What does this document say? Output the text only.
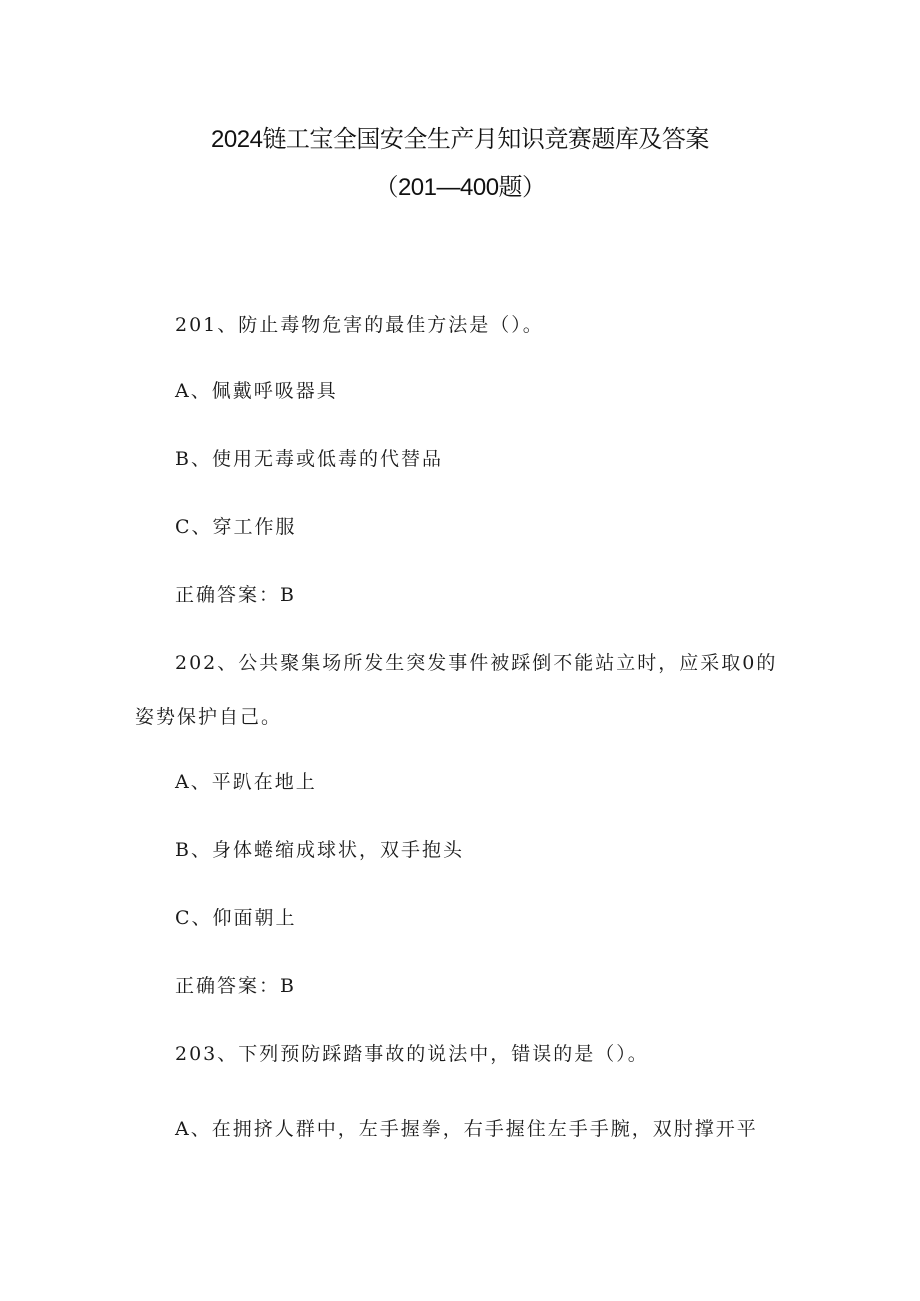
2024链工宝全国安全生产月知识竞赛题库及答案
（201—400题）
201、防止毒物危害的最佳方法是（）。
A、佩戴呼吸器具
B、使用无毒或低毒的代替品
C、穿工作服
正确答案：B
202、公共聚集场所发生突发事件被踩倒不能站立时，应采取0的
姿势保护自己。
A、平趴在地上
B、身体蜷缩成球状，双手抱头
C、仰面朝上
正确答案：B
203、下列预防踩踏事故的说法中，错误的是（）。
A、在拥挤人群中，左手握拳，右手握住左手手腕，双肘撑开平
